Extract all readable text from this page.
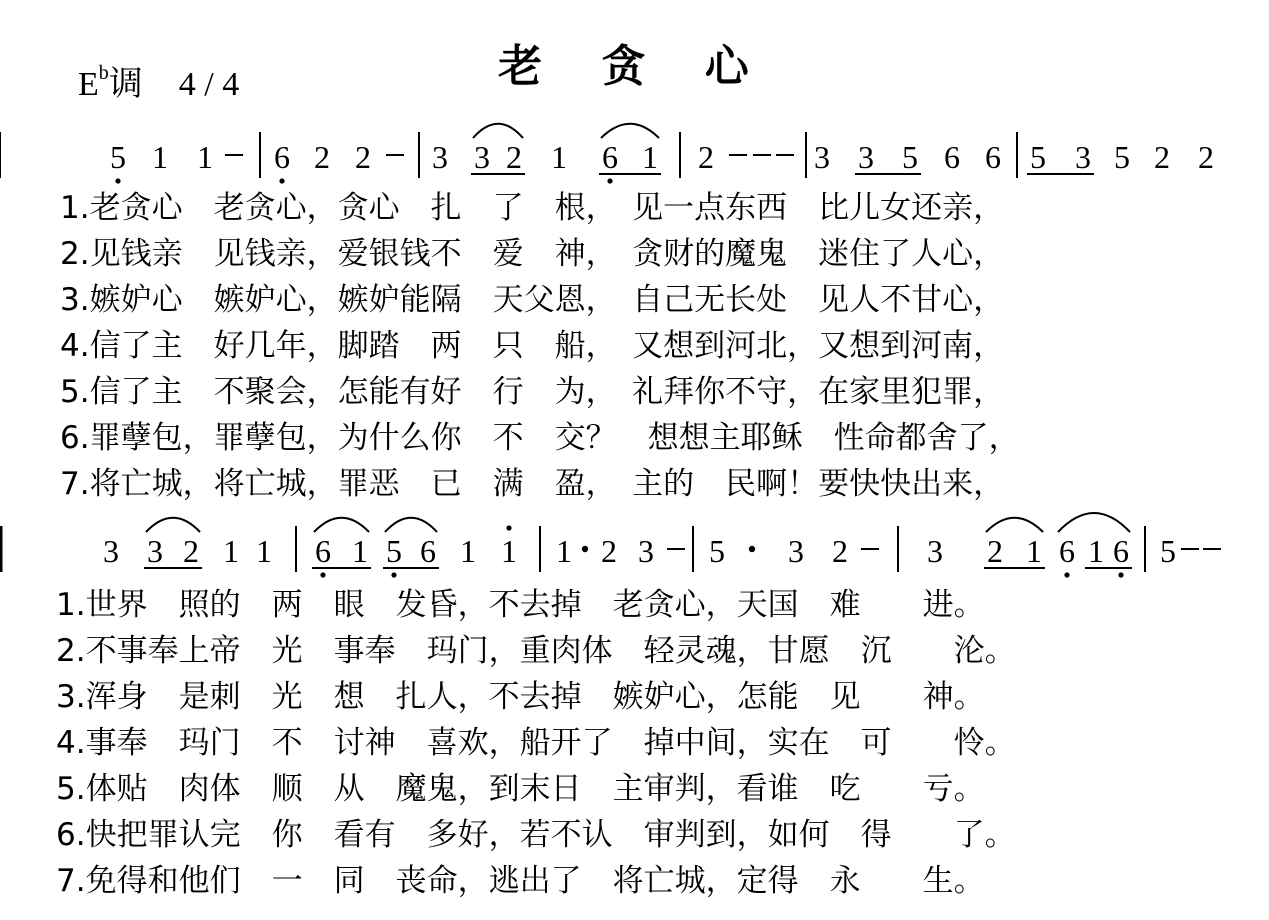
老 贪 心
$E^b$调 4 / 4
5 1 1 6 2 2 3 3 2 1 6 1 2	3 3 5 6 6 5 3 5 2 2
3 3 2 1 1 6 1 5 6 1 1 1 2 3 5 3 2 3 2 1 6 1 6 5
1.老贪心　老贪心，贪心　扎　了　根，　见一点东西　比儿女还亲，
2.见钱亲　见钱亲，爱银钱不　爱　神，　贪财的魔鬼　迷住了人心，
3.嫉妒心　嫉妒心，嫉妒能隔　天父恩，　自己无长处　见人不甘心，
4.信了主　好几年，脚踏　两　只　船，　又想到河北，又想到河南，
5.信了主　不聚会，怎能有好　行　为，　礼拜你不守，在家里犯罪，
6.罪孽包，罪孽包，为什么你　不　交？　想想主耶稣　性命都舍了，
7.将亡城，将亡城，罪恶　已　满　盈，　主的　民啊！要快快出来，
1.世界　照的　两　眼　发昏，不去掉　老贪心，天国　难　　进。
2.不事奉上帝　光　事奉　玛门，重肉体　轻灵魂，甘愿　沉　　沦。
3.浑身　是刺　光　想　扎人，不去掉　嫉妒心，怎能　见　　神。
4.事奉　玛门　不　讨神　喜欢，船开了　掉中间，实在　可　　怜。
5.体贴　肉体　顺　从　魔鬼，到末日　主审判，看谁　吃　　亏。
6.快把罪认完　你　看有　多好，若不认　审判到，如何　得　　了。
7.免得和他们　一　同　丧命，逃出了　将亡城，定得　永　　生。
